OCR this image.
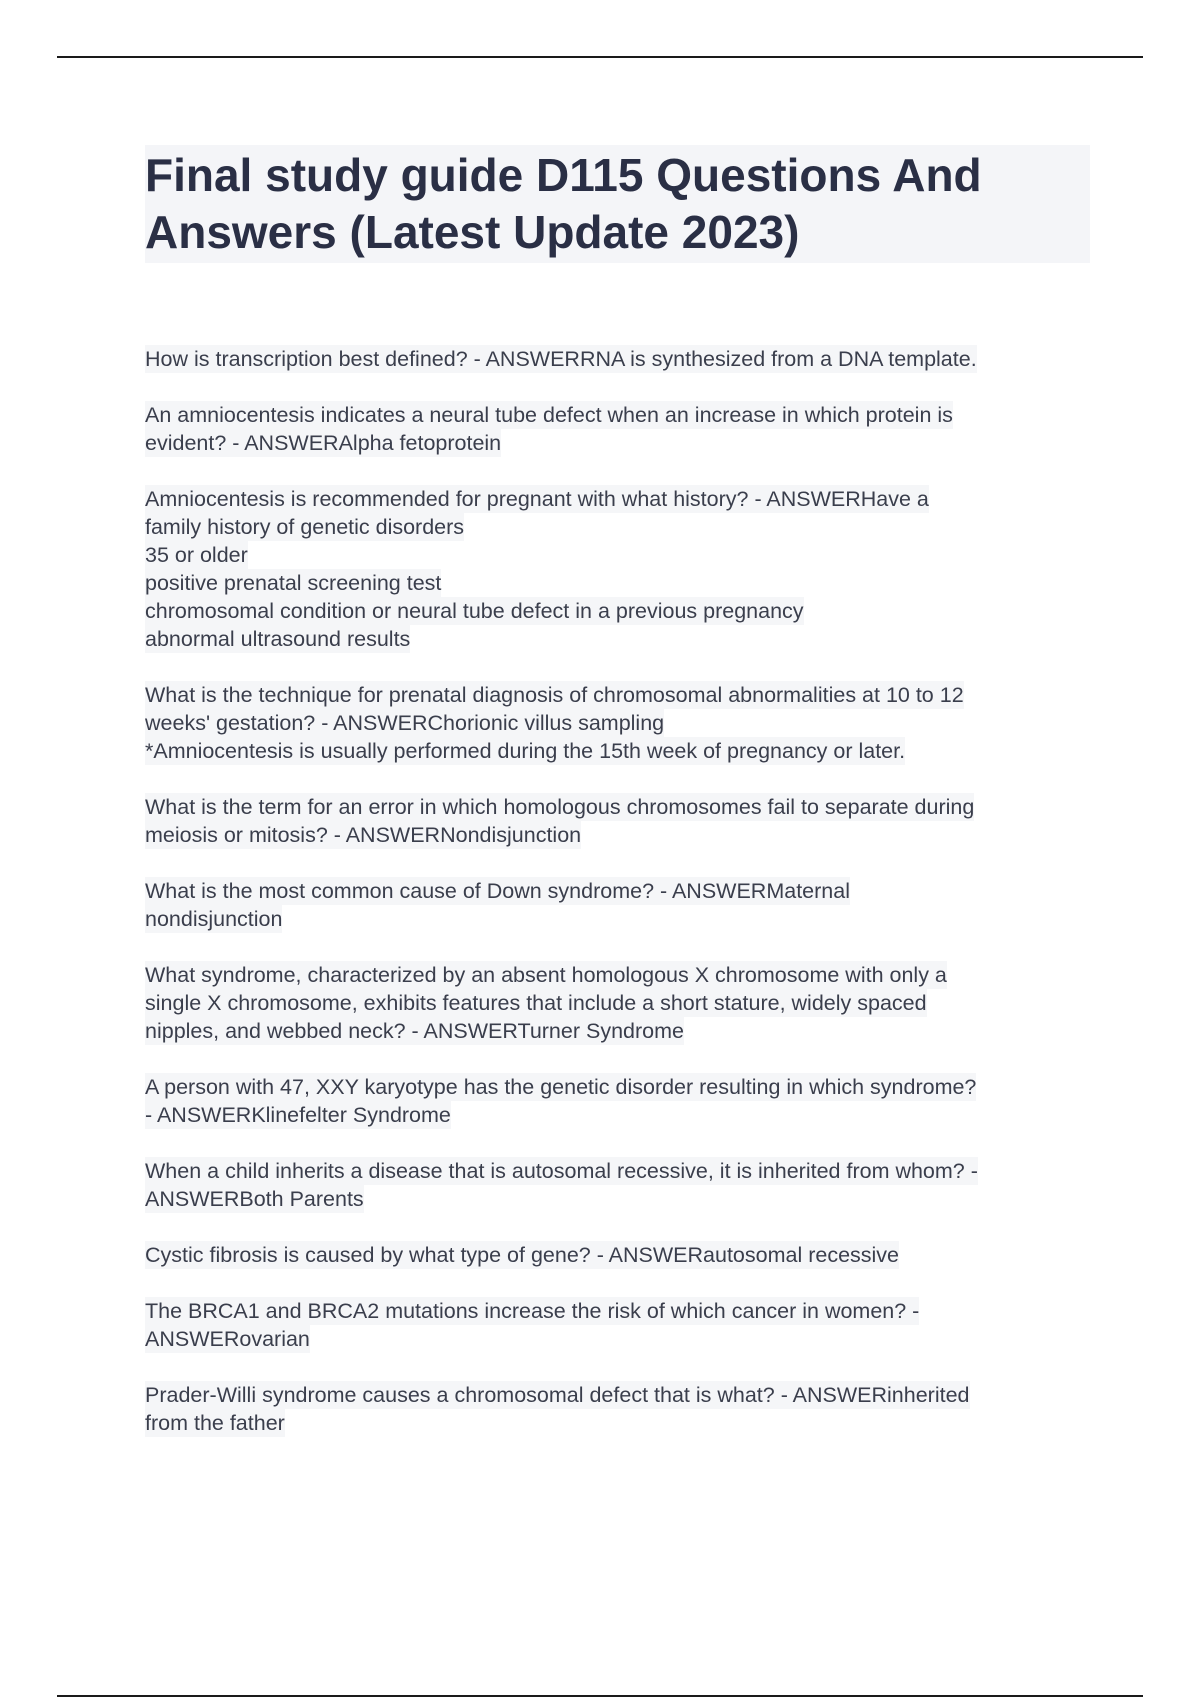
Final study guide D115 Questions And
Answers (Latest Update 2023)

How is transcription best defined? - ANSWERRNA is synthesized from a DNA template.

An amniocentesis indicates a neural tube defect when an increase in which protein is
evident? - ANSWERAlpha fetoprotein

Amniocentesis is recommended for pregnant with what history? - ANSWERHave a
family history of genetic disorders
35 or older
positive prenatal screening test
chromosomal condition or neural tube defect in a previous pregnancy
abnormal ultrasound results

What is the technique for prenatal diagnosis of chromosomal abnormalities at 10 to 12
weeks' gestation? - ANSWERChorionic villus sampling
*Amniocentesis is usually performed during the 15th week of pregnancy or later.

What is the term for an error in which homologous chromosomes fail to separate during
meiosis or mitosis? - ANSWERNondisjunction

What is the most common cause of Down syndrome? - ANSWERMaternal
nondisjunction

What syndrome, characterized by an absent homologous X chromosome with only a
single X chromosome, exhibits features that include a short stature, widely spaced
nipples, and webbed neck? - ANSWERTurner Syndrome

A person with 47, XXY karyotype has the genetic disorder resulting in which syndrome?
- ANSWERKlinefelter Syndrome

When a child inherits a disease that is autosomal recessive, it is inherited from whom? -
ANSWERBoth Parents

Cystic fibrosis is caused by what type of gene? - ANSWERautosomal recessive

The BRCA1 and BRCA2 mutations increase the risk of which cancer in women? -
ANSWERovarian

Prader-Willi syndrome causes a chromosomal defect that is what? - ANSWERinherited
from the father
